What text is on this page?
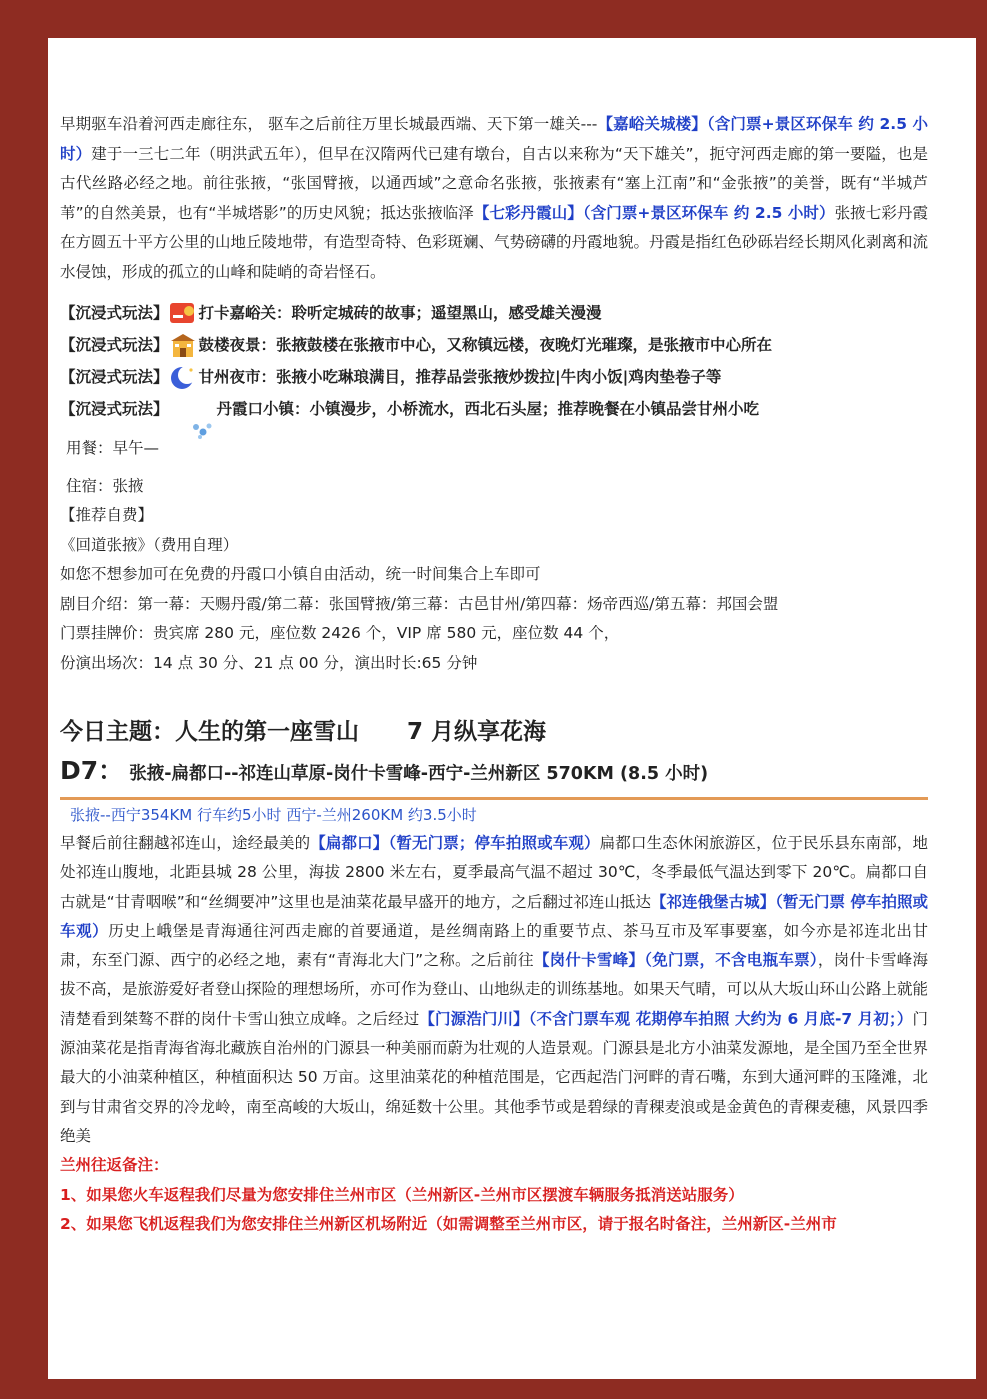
早期驱车沿着河西走廊往东， 驱车之后前往万里长城最西端、天下第一雄关---【嘉峪关城楼】（含门票+景区环保车 约 2.5 小时）建于一三七二年（明洪武五年），但早在汉隋两代已建有墩台，自古以来称为“天下雄关”，扼守河西走廊的第一要隘，也是古代丝路必经之地。前往张掖，“张国臂掖，以通西域”之意命名张掖，张掖素有“塞上江南”和“金张掖”的美誉，既有“半城芦苇”的自然美景，也有“半城塔影”的历史风貌；抵达张掖临泽【七彩丹霞山】（含门票+景区环保车 约 2.5 小时）张掖七彩丹霞在方圆五十平方公里的山地丘陵地带，有造型奇特、色彩斑斓、气势磅礴的丹霞地貌。丹霞是指红色砂砾岩经长期风化剥离和流水侵蚀，形成的孤立的山峰和陡峭的奇岩怪石。

【沉浸式玩法】 打卡嘉峪关：聆听定城砖的故事；遥望黑山，感受雄关漫漫

【沉浸式玩法】 鼓楼夜景：张掖鼓楼在张掖市中心，又称镇远楼，夜晚灯光璀璨，是张掖市中心所在

【沉浸式玩法】 甘州夜市：张掖小吃琳琅满目，推荐品尝张掖炒拨拉|牛肉小饭|鸡肉垫卷子等

【沉浸式玩法】	丹霞口小镇：小镇漫步，小桥流水，西北石头屋；推荐晚餐在小镇品尝甘州小吃

用餐：早午—

住宿：张掖

【推荐自费】

《回道张掖》（费用自理）

如您不想参加可在免费的丹霞口小镇自由活动，统一时间集合上车即可

剧目介绍：第一幕：天赐丹霞/第二幕：张国臂掖/第三幕：古邑甘州/第四幕：炀帝西巡/第五幕：邦国会盟

门票挂牌价：贵宾席 280 元，座位数 2426 个，VIP 席 580 元，座位数 44 个，

份演出场次：14 点 30 分、21 点 00 分，演出时长:65 分钟

今日主题：人生的第一座雪山      7 月纵享花海

D7： 张掖-扁都口--祁连山草原-岗什卡雪峰-西宁-兰州新区 570KM (8.5 小时)

张掖--西宁354KM 行车约5小时 西宁-兰州260KM 约3.5小时

早餐后前往翻越祁连山，途经最美的【扁都口】（暂无门票；停车拍照或车观）扁都口生态休闲旅游区，位于民乐县东南部，地处祁连山腹地，北距县城 28 公里，海拔 2800 米左右，夏季最高气温不超过 30℃，冬季最低气温达到零下 20℃。扁都口自古就是“甘青咽喉”和“丝绸要冲”这里也是油菜花最早盛开的地方，之后翻过祁连山抵达【祁连俄堡古城】（暂无门票 停车拍照或车观）历史上峨堡是青海通往河西走廊的首要通道，是丝绸南路上的重要节点、茶马互市及军事要塞，如今亦是祁连北出甘肃，东至门源、西宁的必经之地，素有“青海北大门”之称。之后前往【岗什卡雪峰】（免门票，不含电瓶车票），岗什卡雪峰海拔不高，是旅游爱好者登山探险的理想场所，亦可作为登山、山地纵走的训练基地。如果天气晴，可以从大坂山环山公路上就能清楚看到桀骜不群的岗什卡雪山独立成峰。之后经过【门源浩门川】（不含门票车观 花期停车拍照 大约为 6 月底-7 月初；）门源油菜花是指青海省海北藏族自治州的门源县一种美丽而蔚为壮观的人造景观。门源县是北方小油菜发源地，是全国乃至全世界最大的小油菜种植区，种植面积达 50 万亩。这里油菜花的种植范围是，它西起浩门河畔的青石嘴，东到大通河畔的玉隆滩，北到与甘肃省交界的冷龙岭，南至高峻的大坂山，绵延数十公里。其他季节或是碧绿的青稞麦浪或是金黄色的青稞麦穗，风景四季绝美

兰州往返备注：

1、如果您火车返程我们尽量为您安排住兰州市区（兰州新区-兰州市区摆渡车辆服务抵消送站服务）

2、如果您飞机返程我们为您安排住兰州新区机场附近（如需调整至兰州市区，请于报名时备注，兰州新区-兰州市
